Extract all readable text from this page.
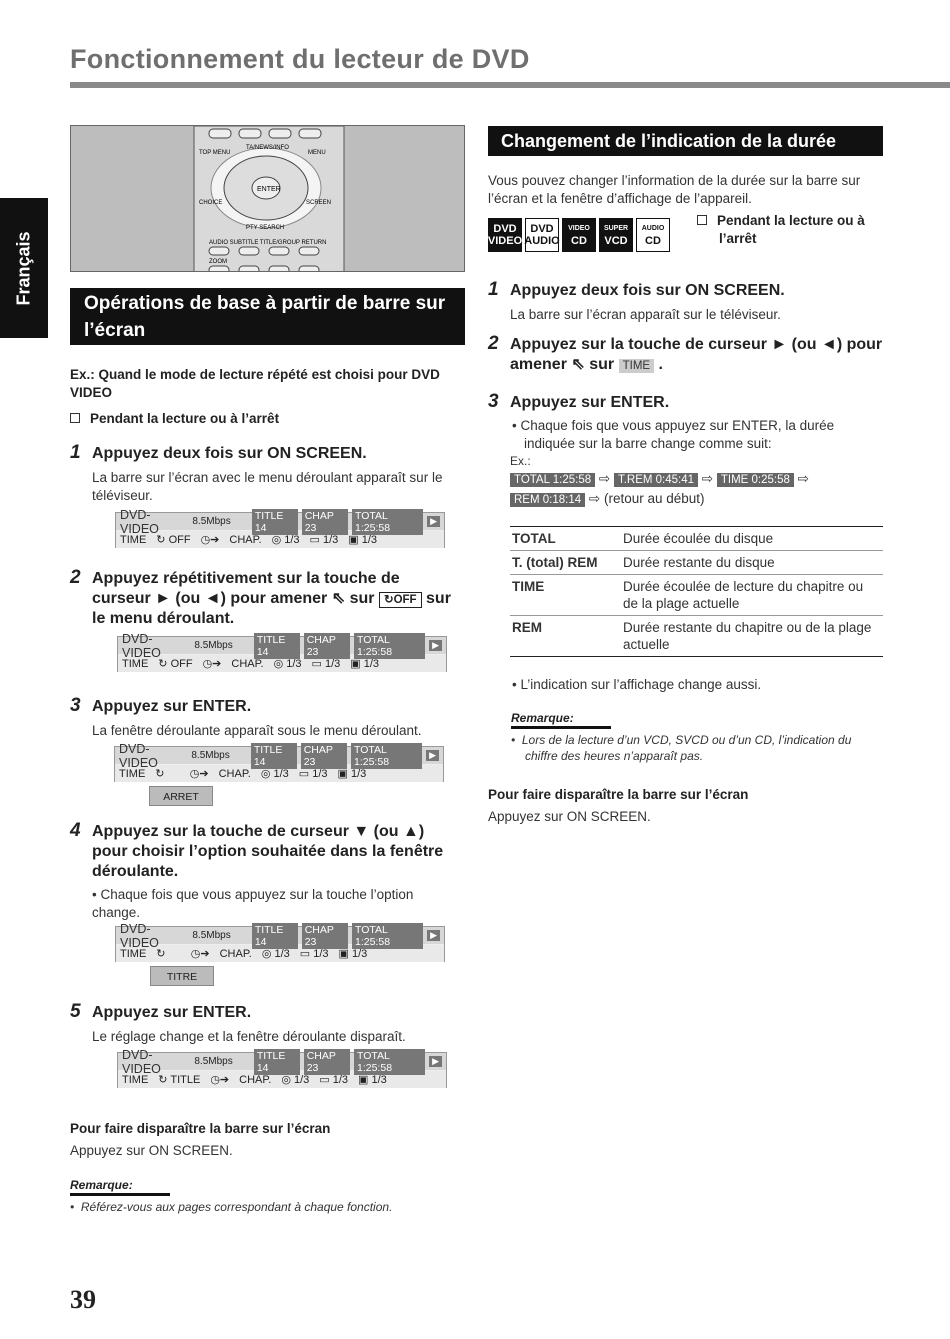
Fonctionnement du lecteur de DVD
Français
ENTER
TOP MENU
TA/NEWS/INFO
MENU
CHOICE	SCREEN
PTY SEARCH
AUDIO SUBTITLE TITLE/GROUP RETURN
ZOOM
Opérations de base à partir de barre sur l’écran
Ex.: Quand le mode de lecture répété est choisi pour DVD VIDEO
Pendant la lecture ou à l’arrêt
1 Appuyez deux fois sur ON SCREEN.
La barre sur l’écran avec le menu déroulant apparaît sur le téléviseur.
DVD-VIDEO	8.5Mbps	TITLE 14
CHAP 23
TOTAL 1:25:58
▶
TIME ↻ OFF ◷➔ CHAP. ◎ 1/3 ▭ 1/3 ▣ 1/3
2 Appuyez répétitivement sur la touche de curseur ► (ou ◄) pour amener ⇖ sur ↻OFF sur le menu déroulant.
DVD-VIDEO	8.5Mbps	TITLE 14
CHAP 23
TOTAL 1:25:58
▶
TIME ↻ OFF ◷➔ CHAP. ◎ 1/3 ▭ 1/3 ▣ 1/3
3 Appuyez sur ENTER.
La fenêtre déroulante apparaît sous le menu déroulant.
DVD-VIDEO	8.5Mbps	TITLE 14
CHAP 23
TOTAL 1:25:58
▶
TIME ↻ ◷➔ CHAP. ◎ 1/3 ▭ 1/3 ▣ 1/3
ARRET
4 Appuyez sur la touche de curseur ▼ (ou ▲) pour choisir l’option souhaitée dans la fenêtre déroulante.
• Chaque fois que vous appuyez sur la touche l’option change.
DVD-VIDEO	8.5Mbps	TITLE 14
CHAP 23
TOTAL 1:25:58
▶
TIME ↻ ◷➔ CHAP. ◎ 1/3 ▭ 1/3 ▣ 1/3
TITRE
5 Appuyez sur ENTER.
Le réglage change et la fenêtre déroulante disparaît.
DVD-VIDEO	8.5Mbps	TITLE 14
CHAP 23
TOTAL 1:25:58
▶
TIME ↻ TITLE ◷➔ CHAP. ◎ 1/3 ▭ 1/3 ▣ 1/3
Pour faire disparaître la barre sur l’écran
Appuyez sur ON SCREEN.
Remarque:
•  Référez-vous aux pages correspondant à chaque fonction.
Changement de l’indication de la durée
Vous pouvez changer l’information de la durée sur la barre sur l’écran et la fenêtre d’affichage de l’appareil.
DVD
VIDEO
DVD
AUDIO
VIDEO
CD
SUPER
VCD
AUDIO
CD
Pendant la lecture ou à l’arrêt
1 Appuyez deux fois sur ON SCREEN.
La barre sur l’écran apparaît sur le téléviseur.
2 Appuyez sur la touche de curseur ► (ou ◄) pour amener ⇖ sur TIME .
3 Appuyez sur ENTER.
• Chaque fois que vous appuyez sur ENTER, la durée indiquée sur la barre change comme suit:
Ex.:
TOTAL 1:25:58 ⇨ T.REM 0:45:41 ⇨ TIME 0:25:58 ⇨
REM 0:18:14 ⇨ (retour au début)
TOTAL	Durée écoulée du disque
T. (total) REM	Durée restante du disque
TIME	Durée écoulée de lecture du chapitre ou de la plage actuelle
REM	Durée restante du chapitre ou de la plage actuelle
• L’indication sur l’affichage change aussi.
Remarque:
•  Lors de la lecture d’un VCD, SVCD ou d’un CD, l’indication du chiffre des heures n’apparaît pas.
Pour faire disparaître la barre sur l’écran
Appuyez sur ON SCREEN.
39
